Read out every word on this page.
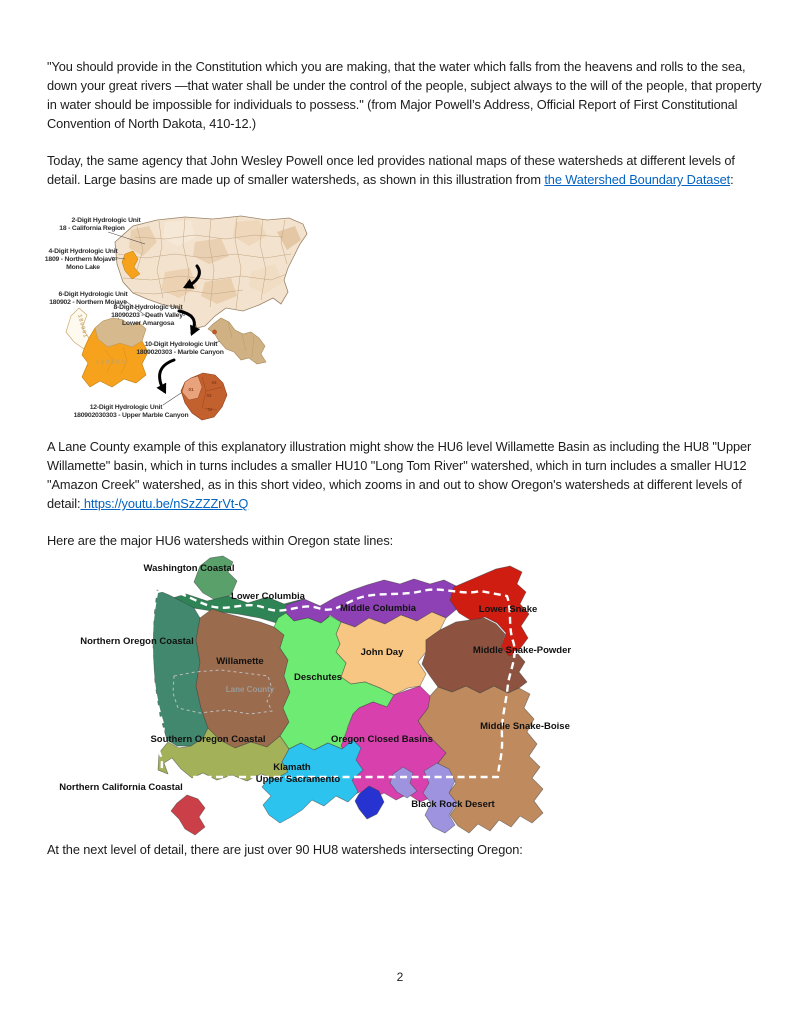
"You should provide in the Constitution which you are making, that the water which falls from the heavens and rolls to the sea, down your great rivers —that water shall be under the control of the people, subject always to the will of the people, that property in water should be impossible for individuals to possess." (from Major Powell’s Address, Official Report of First Constitutional Convention of North Dakota, 410-12.)

Today, the same agency that John Wesley Powell once led provides national maps of these watersheds at different levels of detail. Large basins are made up of smaller watersheds, as shown in this illustration from the Watershed Boundary Dataset:

180901
180902
01
04
03
02
2-Digit Hydrologic Unit
18 - California Region
4-Digit Hydrologic Unit
1809 - Northern Mojave-
Mono Lake
6-Digit Hydrologic Unit
180902 - Northern Mojave
8-Digit Hydrologic Unit
18090203 - Death Valley-
Lower Amargosa
10-Digit Hydrologic Unit
1809020303 - Marble Canyon
12-Digit Hydrologic Unit
180902030303 - Upper Marble Canyon

A Lane County example of this explanatory illustration might show the HU6 level Willamette Basin as including the HU8 "Upper Willamette" basin, which in turns includes a smaller HU10 "Long Tom River" watershed, which in turn includes a smaller HU12 "Amazon Creek" watershed, as in this short video, which zooms in and out to show Oregon's watersheds at different levels of detail: https://youtu.be/nSzZZZrVt-Q

Here are the major HU6 watersheds within Oregon state lines:

Washington Coastal
Lower Columbia
Middle Columbia	Lower Snake
Northern Oregon Coastal
Willamette
John Day	Middle Snake-Powder
Deschutes
Lane County
Middle Snake-Boise
Oregon Closed Basins
Southern Oregon Coastal
Klamath
Upper Sacramento
Northern California Coastal
Black Rock Desert

At the next level of detail, there are just over 90 HU8 watersheds intersecting Oregon:

2
